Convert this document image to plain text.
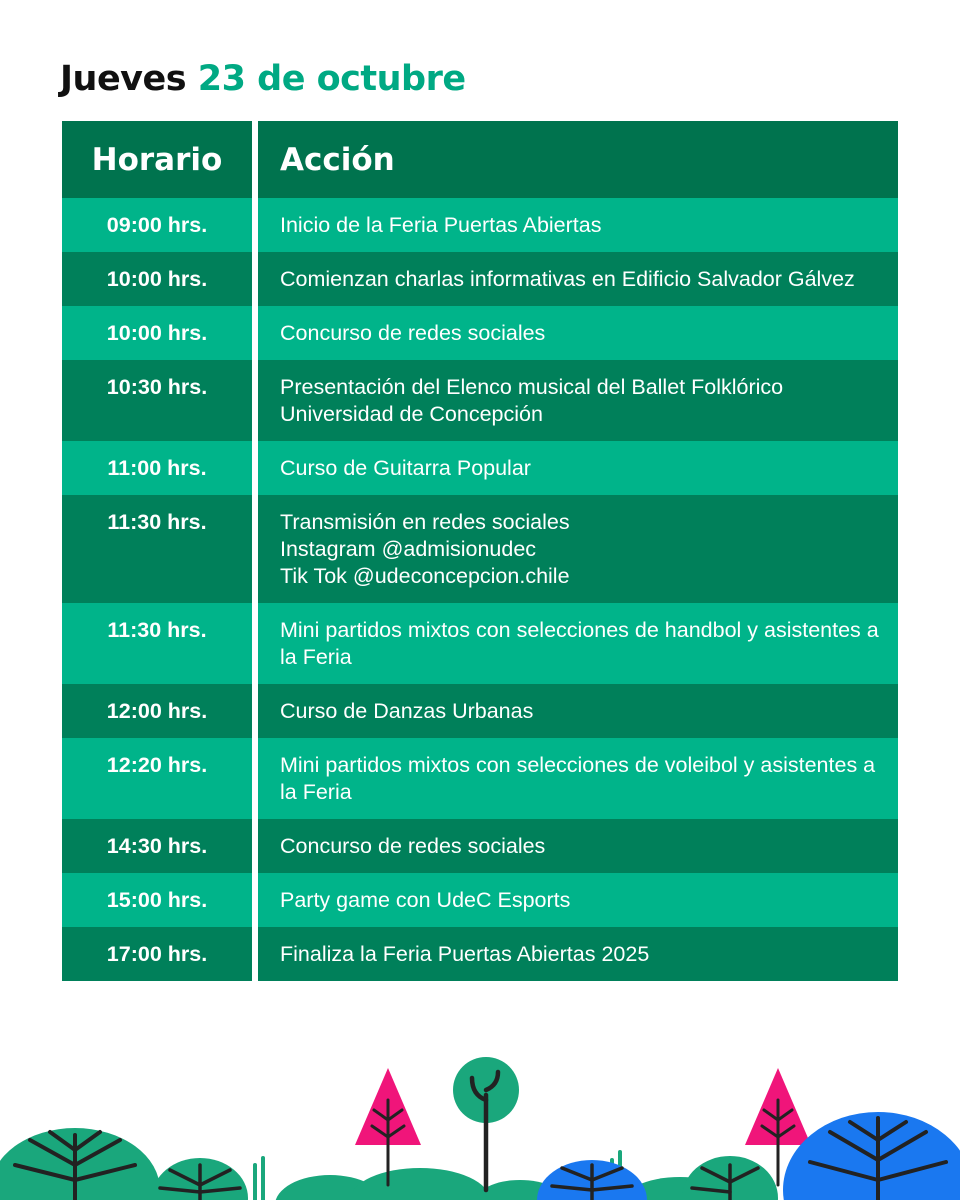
Jueves 23 de octubre
Horario	Acción
09:00 hrs.	Inicio de la Feria Puertas Abiertas
10:00 hrs.	Comienzan charlas informativas en Edificio Salvador Gálvez
10:00 hrs.	Concurso de redes sociales
10:30 hrs.	Presentación del Elenco musical del Ballet Folklórico
Universidad de Concepción
11:00 hrs.	Curso de Guitarra Popular
11:30 hrs.	Transmisión en redes sociales
Instagram @admisionudec
Tik Tok @udeconcepcion.chile
11:30 hrs.	Mini partidos mixtos con selecciones de handbol y asistentes a la Feria
12:00 hrs.	Curso de Danzas Urbanas
12:20 hrs.	Mini partidos mixtos con selecciones de voleibol y asistentes a la Feria
14:30 hrs.	Concurso de redes sociales
15:00 hrs.	Party game con UdeC Esports
17:00 hrs.	Finaliza la Feria Puertas Abiertas 2025
